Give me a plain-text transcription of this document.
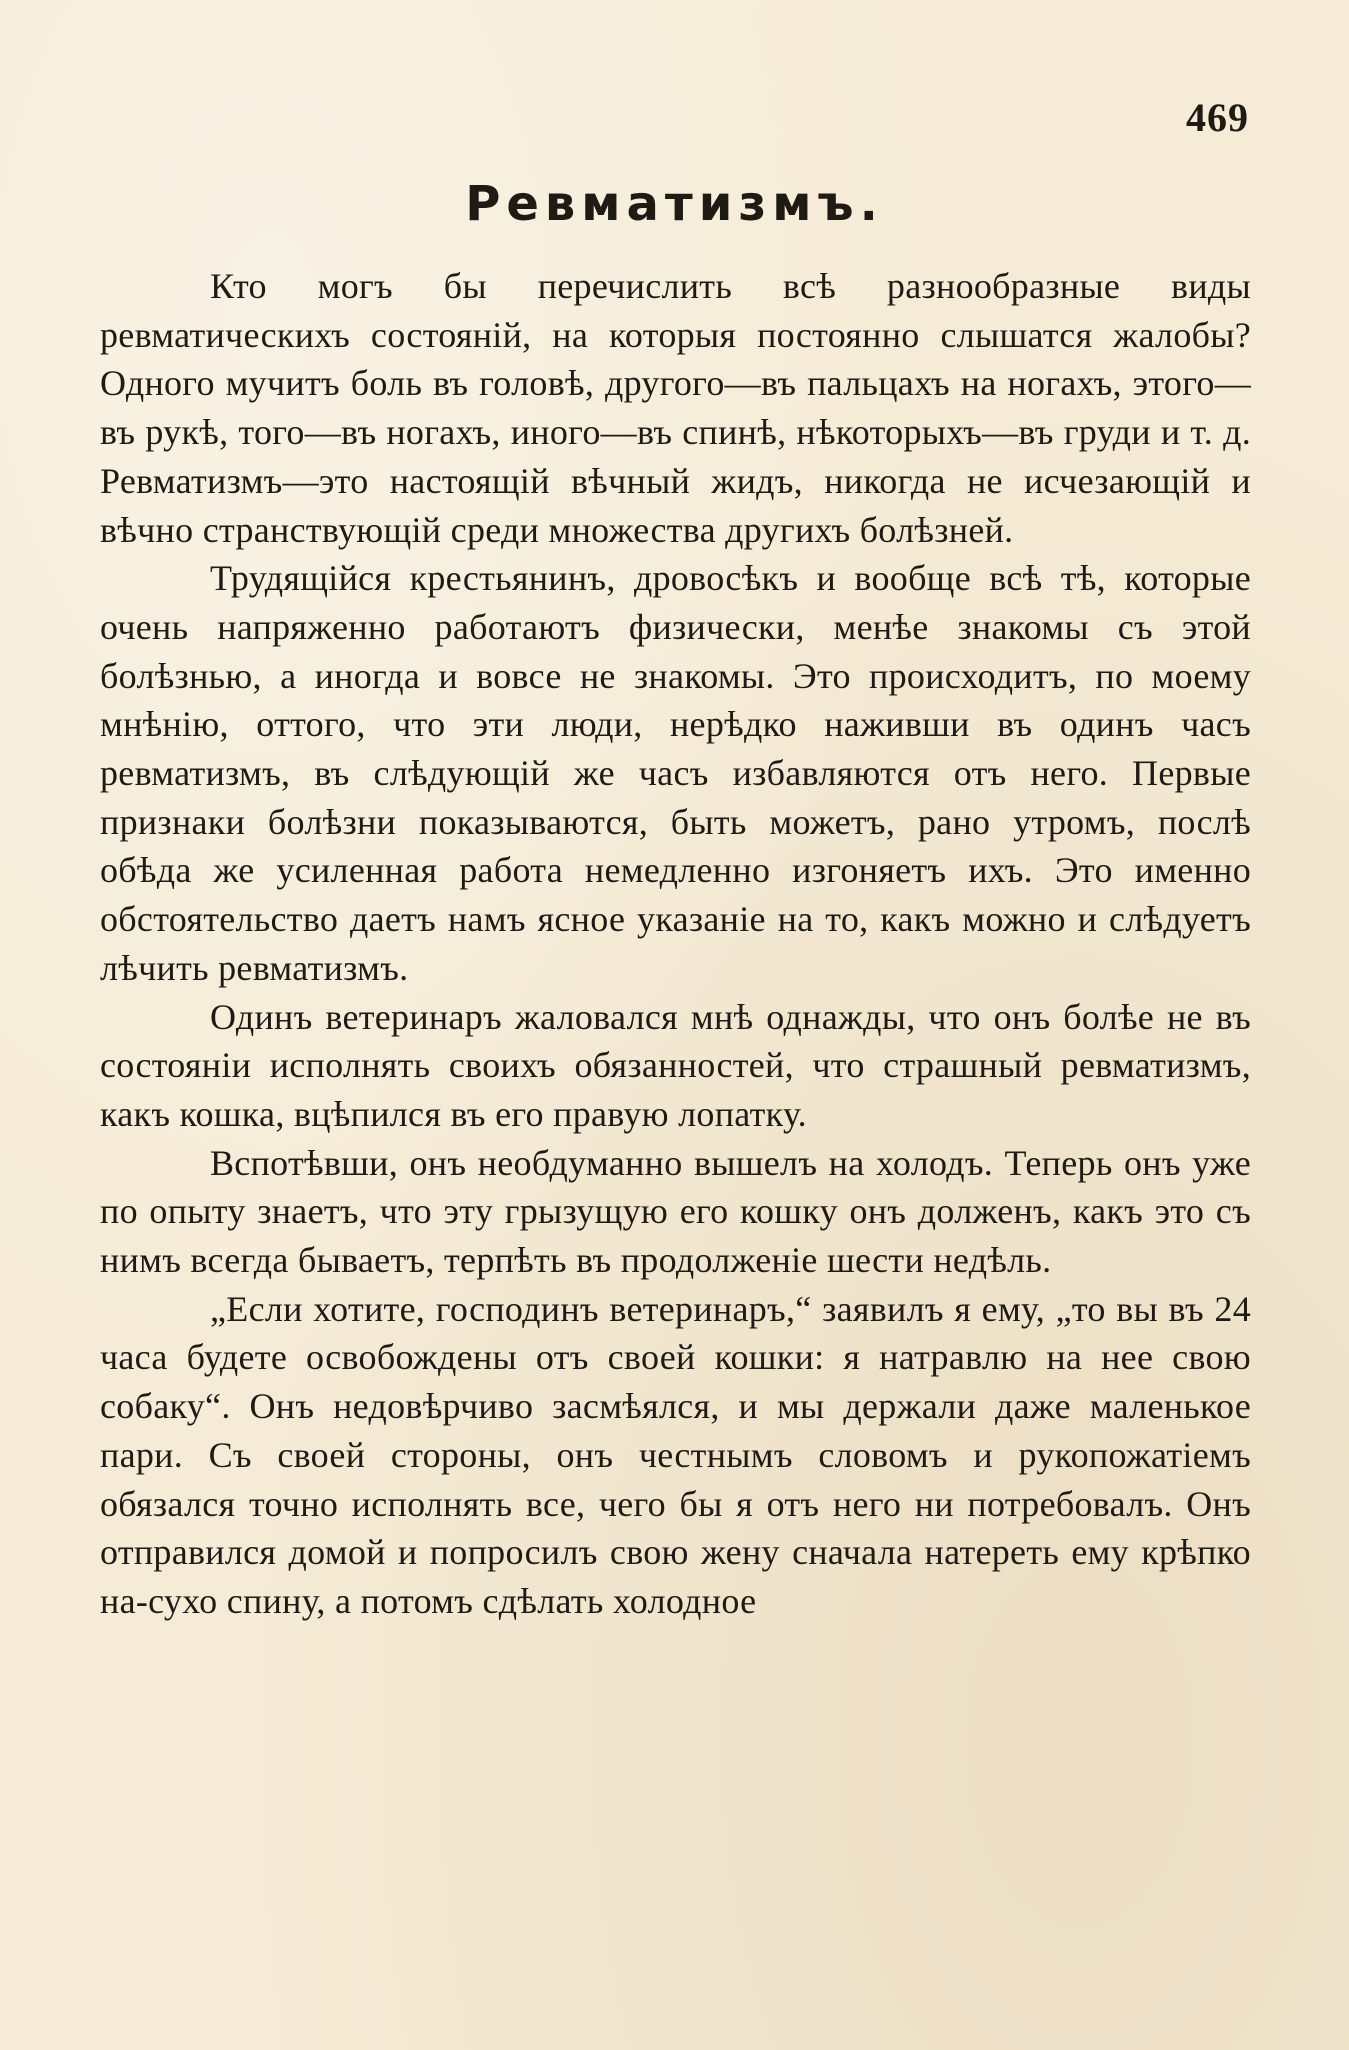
469
Ревматизмъ.

Кто могъ бы перечислить всѣ разнообразные виды ревматическихъ состояній, на которыя постоянно слышатся жалобы? Одного мучитъ боль въ головѣ, другого—въ пальцахъ на ногахъ, этого—въ рукѣ, того—въ ногахъ, иного—въ спинѣ, нѣкоторыхъ—въ груди и т. д. Ревматизмъ—это настоящій вѣчный жидъ, никогда не исчезающій и вѣчно странствующій среди множества другихъ болѣзней.

Трудящійся крестьянинъ, дровосѣкъ и вообще всѣ тѣ, которые очень напряженно работаютъ физически, менѣе знакомы съ этой болѣзнью, а иногда и вовсе не знакомы. Это происходитъ, по моему мнѣнію, оттого, что эти люди, нерѣдко наживши въ одинъ часъ ревматизмъ, въ слѣдующій же часъ избавляются отъ него. Первые признаки болѣзни показываются, быть можетъ, рано утромъ, послѣ обѣда же усиленная работа немедленно изгоняетъ ихъ. Это именно обстоятельство даетъ намъ ясное указаніе на то, какъ можно и слѣдуетъ лѣчить ревматизмъ.

Одинъ ветеринаръ жаловался мнѣ однажды, что онъ болѣе не въ состояніи исполнять своихъ обязанностей, что страшный ревматизмъ, какъ кошка, вцѣпился въ его правую лопатку.

Вспотѣвши, онъ необдуманно вышелъ на холодъ. Теперь онъ уже по опыту знаетъ, что эту грызущую его кошку онъ долженъ, какъ это съ нимъ всегда бываетъ, терпѣть въ продолженіе шести недѣль.

„Если хотите, господинъ ветеринаръ,“ заявилъ я ему, „то вы въ 24 часа будете освобождены отъ своей кошки: я натравлю на нее свою собаку“. Онъ недовѣрчиво засмѣялся, и мы держали даже маленькое пари. Съ своей стороны, онъ честнымъ словомъ и рукопожатіемъ обязался точно исполнять все, чего бы я отъ него ни потребовалъ. Онъ отправился домой и попросилъ свою жену сначала натереть ему крѣпко на-сухо спину, а потомъ сдѣлать холодное
